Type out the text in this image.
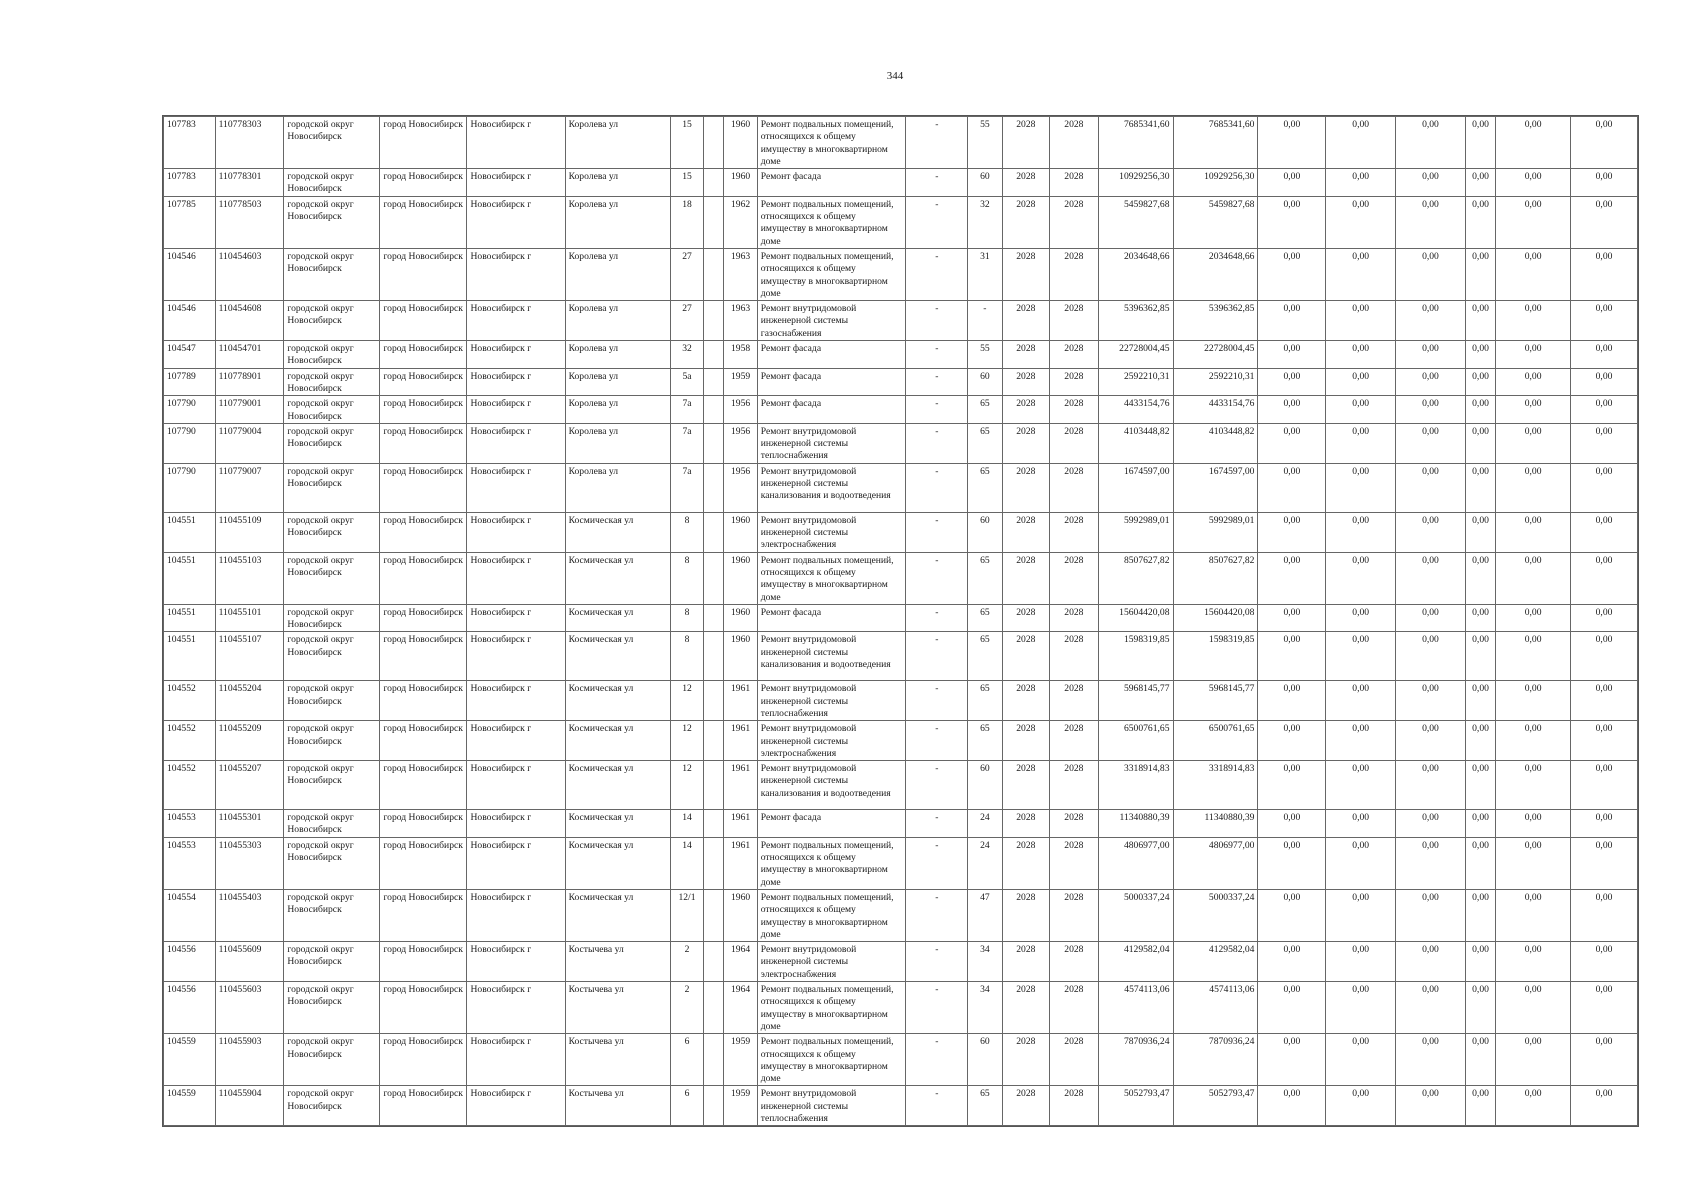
344
107783	110778303	городской округ Новосибирск	город Новосибирск	Новосибирск г	Королева ул	15		1960	Ремонт подвальных помещений, относящихся к общему имуществу в многоквартирном доме	-	55	2028	2028	7685341,60	7685341,60	0,00	0,00	0,00	0,00	0,00	0,00
107783	110778301	городской округ Новосибирск	город Новосибирск	Новосибирск г	Королева ул	15		1960	Ремонт фасада	-	60	2028	2028	10929256,30	10929256,30	0,00	0,00	0,00	0,00	0,00	0,00
107785	110778503	городской округ Новосибирск	город Новосибирск	Новосибирск г	Королева ул	18		1962	Ремонт подвальных помещений, относящихся к общему имуществу в многоквартирном доме	-	32	2028	2028	5459827,68	5459827,68	0,00	0,00	0,00	0,00	0,00	0,00
104546	110454603	городской округ Новосибирск	город Новосибирск	Новосибирск г	Королева ул	27		1963	Ремонт подвальных помещений, относящихся к общему имуществу в многоквартирном доме	-	31	2028	2028	2034648,66	2034648,66	0,00	0,00	0,00	0,00	0,00	0,00
104546	110454608	городской округ Новосибирск	город Новосибирск	Новосибирск г	Королева ул	27		1963	Ремонт внутридомовой инженерной системы газоснабжения	-	-	2028	2028	5396362,85	5396362,85	0,00	0,00	0,00	0,00	0,00	0,00
104547	110454701	городской округ Новосибирск	город Новосибирск	Новосибирск г	Королева ул	32		1958	Ремонт фасада	-	55	2028	2028	22728004,45	22728004,45	0,00	0,00	0,00	0,00	0,00	0,00
107789	110778901	городской округ Новосибирск	город Новосибирск	Новосибирск г	Королева ул	5а		1959	Ремонт фасада	-	60	2028	2028	2592210,31	2592210,31	0,00	0,00	0,00	0,00	0,00	0,00
107790	110779001	городской округ Новосибирск	город Новосибирск	Новосибирск г	Королева ул	7а		1956	Ремонт фасада	-	65	2028	2028	4433154,76	4433154,76	0,00	0,00	0,00	0,00	0,00	0,00
107790	110779004	городской округ Новосибирск	город Новосибирск	Новосибирск г	Королева ул	7а		1956	Ремонт внутридомовой инженерной системы теплоснабжения	-	65	2028	2028	4103448,82	4103448,82	0,00	0,00	0,00	0,00	0,00	0,00
107790	110779007	городской округ Новосибирск	город Новосибирск	Новосибирск г	Королева ул	7а		1956	Ремонт внутридомовой инженерной системы канализования и водоотведения	-	65	2028	2028	1674597,00	1674597,00	0,00	0,00	0,00	0,00	0,00	0,00
104551	110455109	городской округ Новосибирск	город Новосибирск	Новосибирск г	Космическая ул	8		1960	Ремонт внутридомовой инженерной системы электроснабжения	-	60	2028	2028	5992989,01	5992989,01	0,00	0,00	0,00	0,00	0,00	0,00
104551	110455103	городской округ Новосибирск	город Новосибирск	Новосибирск г	Космическая ул	8		1960	Ремонт подвальных помещений, относящихся к общему имуществу в многоквартирном доме	-	65	2028	2028	8507627,82	8507627,82	0,00	0,00	0,00	0,00	0,00	0,00
104551	110455101	городской округ Новосибирск	город Новосибирск	Новосибирск г	Космическая ул	8		1960	Ремонт фасада	-	65	2028	2028	15604420,08	15604420,08	0,00	0,00	0,00	0,00	0,00	0,00
104551	110455107	городской округ Новосибирск	город Новосибирск	Новосибирск г	Космическая ул	8		1960	Ремонт внутридомовой инженерной системы канализования и водоотведения	-	65	2028	2028	1598319,85	1598319,85	0,00	0,00	0,00	0,00	0,00	0,00
104552	110455204	городской округ Новосибирск	город Новосибирск	Новосибирск г	Космическая ул	12		1961	Ремонт внутридомовой инженерной системы теплоснабжения	-	65	2028	2028	5968145,77	5968145,77	0,00	0,00	0,00	0,00	0,00	0,00
104552	110455209	городской округ Новосибирск	город Новосибирск	Новосибирск г	Космическая ул	12		1961	Ремонт внутридомовой инженерной системы электроснабжения	-	65	2028	2028	6500761,65	6500761,65	0,00	0,00	0,00	0,00	0,00	0,00
104552	110455207	городской округ Новосибирск	город Новосибирск	Новосибирск г	Космическая ул	12		1961	Ремонт внутридомовой инженерной системы канализования и водоотведения	-	60	2028	2028	3318914,83	3318914,83	0,00	0,00	0,00	0,00	0,00	0,00
104553	110455301	городской округ Новосибирск	город Новосибирск	Новосибирск г	Космическая ул	14		1961	Ремонт фасада	-	24	2028	2028	11340880,39	11340880,39	0,00	0,00	0,00	0,00	0,00	0,00
104553	110455303	городской округ Новосибирск	город Новосибирск	Новосибирск г	Космическая ул	14		1961	Ремонт подвальных помещений, относящихся к общему имуществу в многоквартирном доме	-	24	2028	2028	4806977,00	4806977,00	0,00	0,00	0,00	0,00	0,00	0,00
104554	110455403	городской округ Новосибирск	город Новосибирск	Новосибирск г	Космическая ул	12/1		1960	Ремонт подвальных помещений, относящихся к общему имуществу в многоквартирном доме	-	47	2028	2028	5000337,24	5000337,24	0,00	0,00	0,00	0,00	0,00	0,00
104556	110455609	городской округ Новосибирск	город Новосибирск	Новосибирск г	Костычева ул	2		1964	Ремонт внутридомовой инженерной системы электроснабжения	-	34	2028	2028	4129582,04	4129582,04	0,00	0,00	0,00	0,00	0,00	0,00
104556	110455603	городской округ Новосибирск	город Новосибирск	Новосибирск г	Костычева ул	2		1964	Ремонт подвальных помещений, относящихся к общему имуществу в многоквартирном доме	-	34	2028	2028	4574113,06	4574113,06	0,00	0,00	0,00	0,00	0,00	0,00
104559	110455903	городской округ Новосибирск	город Новосибирск	Новосибирск г	Костычева ул	6		1959	Ремонт подвальных помещений, относящихся к общему имуществу в многоквартирном доме	-	60	2028	2028	7870936,24	7870936,24	0,00	0,00	0,00	0,00	0,00	0,00
104559	110455904	городской округ Новосибирск	город Новосибирск	Новосибирск г	Костычева ул	6		1959	Ремонт внутридомовой инженерной системы теплоснабжения	-	65	2028	2028	5052793,47	5052793,47	0,00	0,00	0,00	0,00	0,00	0,00
